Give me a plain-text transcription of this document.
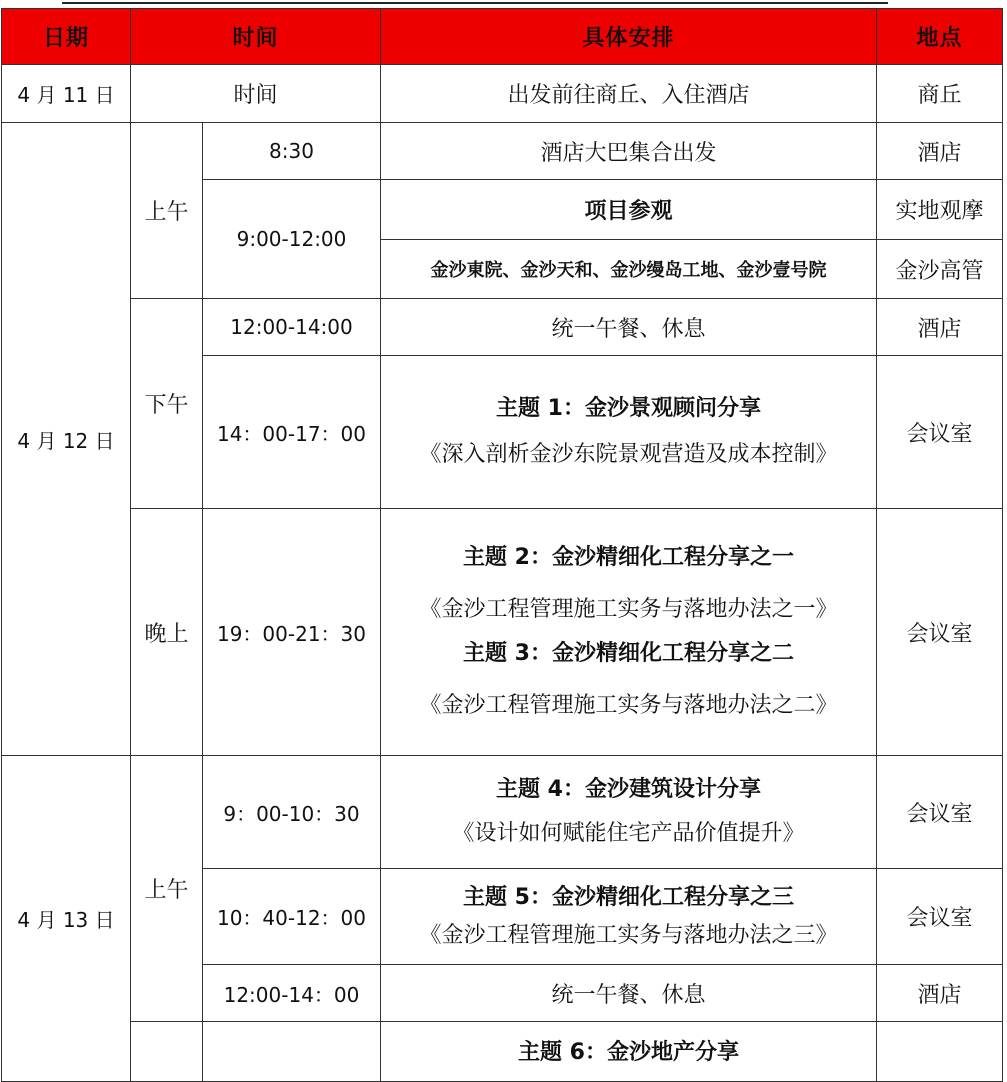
日期	时间		具体安排	地点
4 月 11 日	时间		出发前往商丘、入住酒店	商丘
4 月 12 日	上午	8:30	酒店大巴集合出发	酒店
		9:00-12:00	项目参观	实地观摩
			金沙東院、金沙天和、金沙缦岛工地、金沙壹号院	金沙高管

	下午	12:00-14:00	统一午餐、休息	酒店
		14：00-17：00	主题 1：金沙景观顾问分享
《深入剖析金沙东院景观营造及成本控制》	会议室
	晚上	19：00-21：30	主题 2：金沙精细化工程分享之一
《金沙工程管理施工实务与落地办法之一》
主题 3：金沙精细化工程分享之二
《金沙工程管理施工实务与落地办法之二》	会议室

4 月 13 日	上午	9：00-10：30	主题 4：金沙建筑设计分享
《设计如何赋能住宅产品价值提升》	会议室
		10：40-12：00	主题 5：金沙精细化工程分享之三
《金沙工程管理施工实务与落地办法之三》	会议室
		12:00-14：00	统一午餐、休息	酒店

			主题 6：金沙地产分享	
